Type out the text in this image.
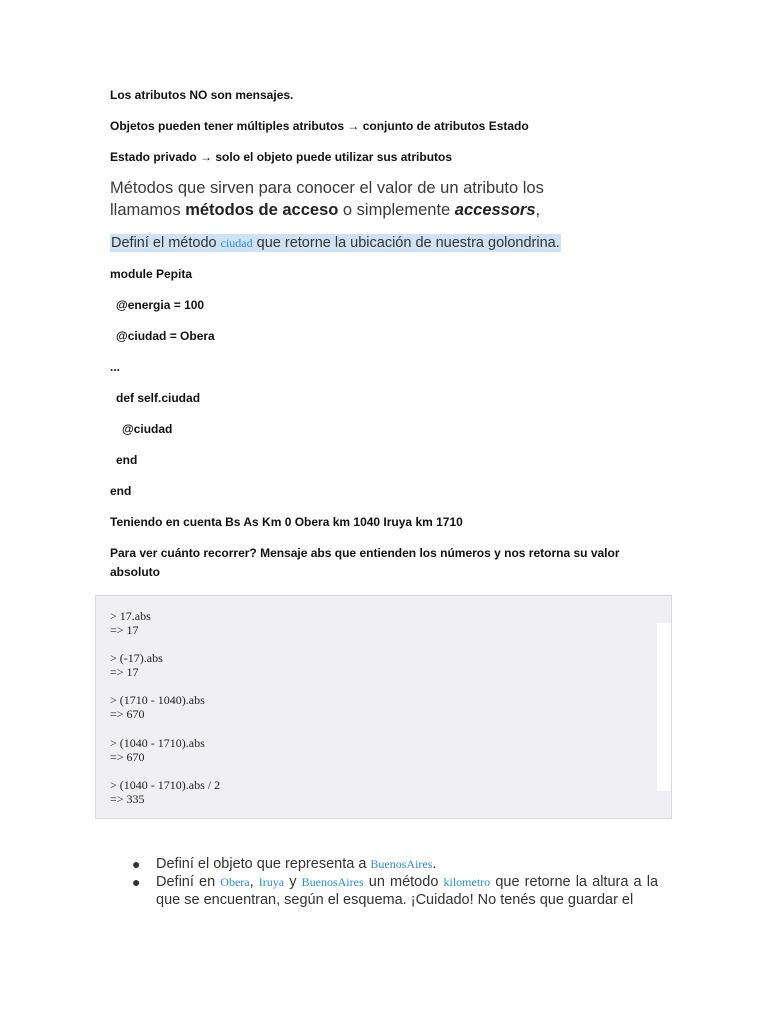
Los atributos NO son mensajes.
Objetos pueden tener múltiples atributos → conjunto de atributos Estado
Estado privado → solo el objeto puede utilizar sus atributos
Métodos que sirven para conocer el valor de un atributo los
llamamos métodos de acceso o simplemente accessors,
Definí el método ciudad que retorne la ubicación de nuestra golondrina.
module Pepita
@energia = 100
@ciudad = Obera
...
def self.ciudad
@ciudad
end
end
Teniendo en cuenta Bs As Km 0 Obera km 1040 Iruya km 1710
Para ver cuánto recorrer? Mensaje abs que entienden los números y nos retorna su valor
absoluto
> 17.abs
=> 17
> (-17).abs
=> 17
> (1710 - 1040).abs
=> 670
> (1040 - 1710).abs
=> 670
> (1040 - 1710).abs / 2
=> 335
● Definí el objeto que representa a BuenosAires.
● Definí en Obera, Iruya y BuenosAires un método kilometro que retorne la altura a la que se encuentran, según el esquema. ¡Cuidado! No tenés que guardar el
